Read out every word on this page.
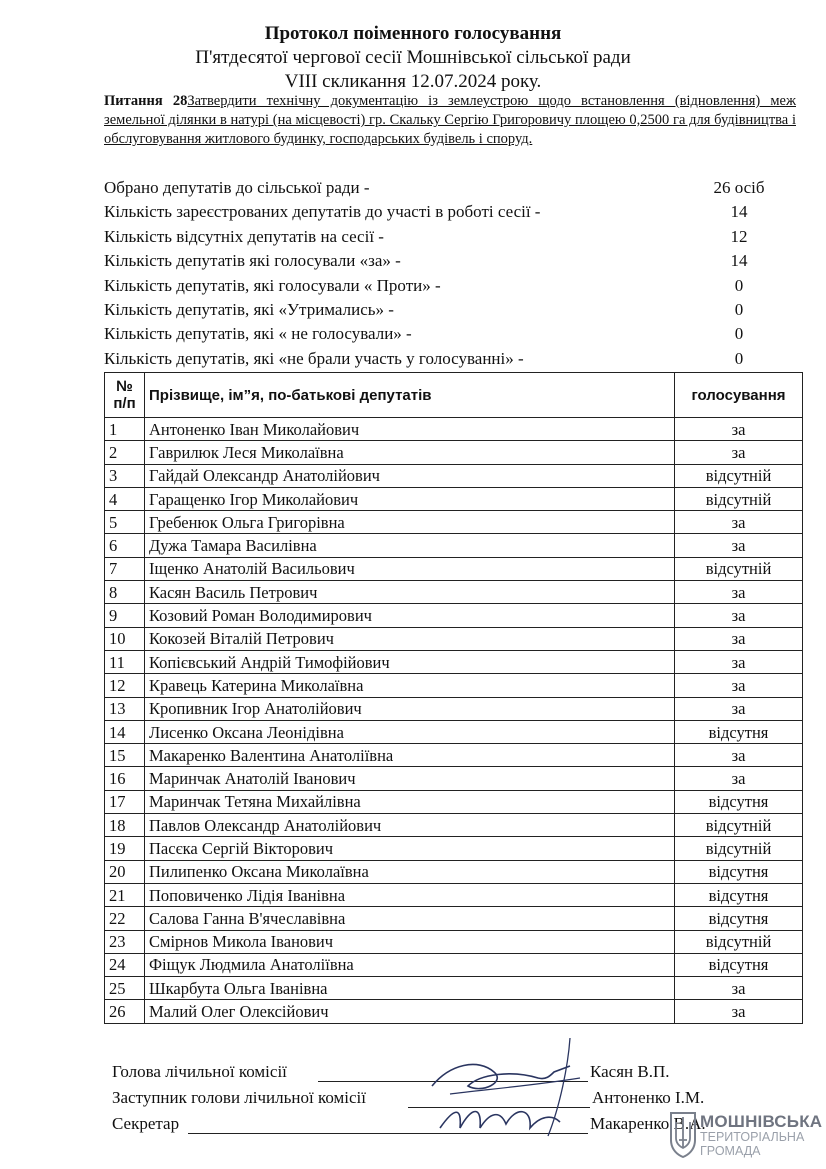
Протокол поіменного голосування
П'ятдесятої чергової сесії Мошнівської сільської ради
VIII скликання 12.07.2024 року.
Питання 28Затвердити технічну документацію із землеустрою щодо встановлення (відновлення) меж земельної ділянки в натурі (на місцевості) гр. Скальку Сергію Григоровичу площею 0,2500 га для будівництва і обслуговування житлового будинку, господарських будівель і споруд.
Обрано депутатів до сільської ради -	26 осіб
Кількість зареєстрованих депутатів до участі в роботі сесії -	14
Кількість відсутніх депутатів на сесії -	12
Кількість депутатів які голосували «за» -	14
Кількість депутатів, які голосували « Проти» -	0
Кількість депутатів, які «Утримались» -	0
Кількість депутатів, які « не голосували» -	0
Кількість депутатів, які «не брали участь у голосуванні» -	0
№
п/п	Прізвище, ім”я, по-батькові депутатів	голосування
1	Антоненко Іван Миколайович	за
2	Гаврилюк Леся Миколаївна	за
3	Гайдай Олександр Анатолійович	відсутній
4	Гаращенко Ігор Миколайович	відсутній
5	Гребенюк Ольга Григорівна	за
6	Дужа Тамара Василівна	за
7	Іщенко Анатолій Васильович	відсутній
8	Касян Василь Петрович	за
9	Козовий Роман Володимирович	за
10	Кокозей Віталій Петрович	за
11	Копієвський Андрій Тимофійович	за
12	Кравець Катерина Миколаївна	за
13	Кропивник Ігор Анатолійович	за
14	Лисенко Оксана Леонідівна	відсутня
15	Макаренко Валентина Анатоліївна	за
16	Маринчак Анатолій Іванович	за
17	Маринчак Тетяна Михайлівна	відсутня
18	Павлов Олександр Анатолійович	відсутній
19	Пасєка Сергій Вікторович	відсутній
20	Пилипенко Оксана Миколаївна	відсутня
21	Поповиченко Лідія Іванівна	відсутня
22	Салова Ганна В'ячеславівна	відсутня
23	Смірнов Микола Іванович	відсутній
24	Фіщук Людмила Анатоліївна	відсутня
25	Шкарбута Ольга Іванівна	за
26	Малий Олег Олексійович	за
Голова лічильної комісії	Касян В.П.
Заступник голови лічильної комісії	Антоненко І.М.
Секретар	Макаренко В.А.
МОШНІВСЬКА
ТЕРИТОРІАЛЬНА
ГРОМАДА
